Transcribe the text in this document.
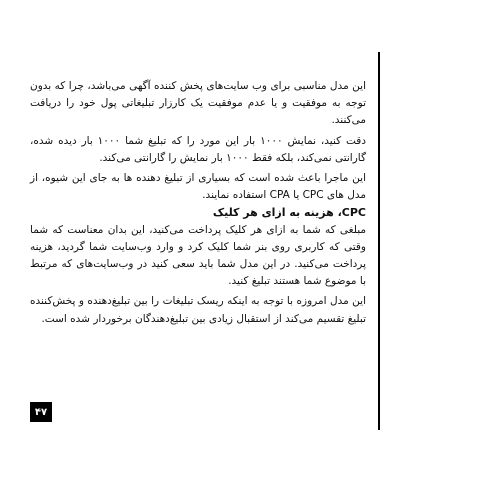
این مدل مناسبی برای وب سایت‌های پخش کننده آگهی می‌باشد، چرا که بدون توجه به موفقیت و یا عدم موفقیت یک کارزار تبلیغاتی پول خود را دریافت می‌کنند.

دقت کنید، نمایش ۱۰۰۰ بار این مورد را که تبلیغ شما ۱۰۰۰ بار دیده شده، گارانتی نمی‌کند، بلکه فقط ۱۰۰۰ بار نمایش را گارانتی می‌کند.

این ماجرا باعث شده است که بسیاری از تبلیغ دهنده ها به جای این شیوه، از مدل های CPC یا CPA استفاده نمایند.

CPC، هزینه به ازای هر کلیک

مبلغی که شما به ازای هر کلیک پرداخت می‌کنید، این بدان معناست که شما وقتی که کاربری روی بنر شما کلیک کرد و وارد وب‌سایت شما گردید، هزینه پرداخت می‌کنید. در این مدل شما باید سعی کنید در وب‌سایت‌های که مرتبط با موضوع شما هستند تبلیغ کنید.

این مدل امروزه با توجه به اینکه ریسک تبلیغات را بین تبلیغ‌دهنده و پخش‌کننده تبلیغ تقسیم می‌کند از استقبال زیادی بین تبلیغ‌دهندگان برخوردار شده است.

۴۷
